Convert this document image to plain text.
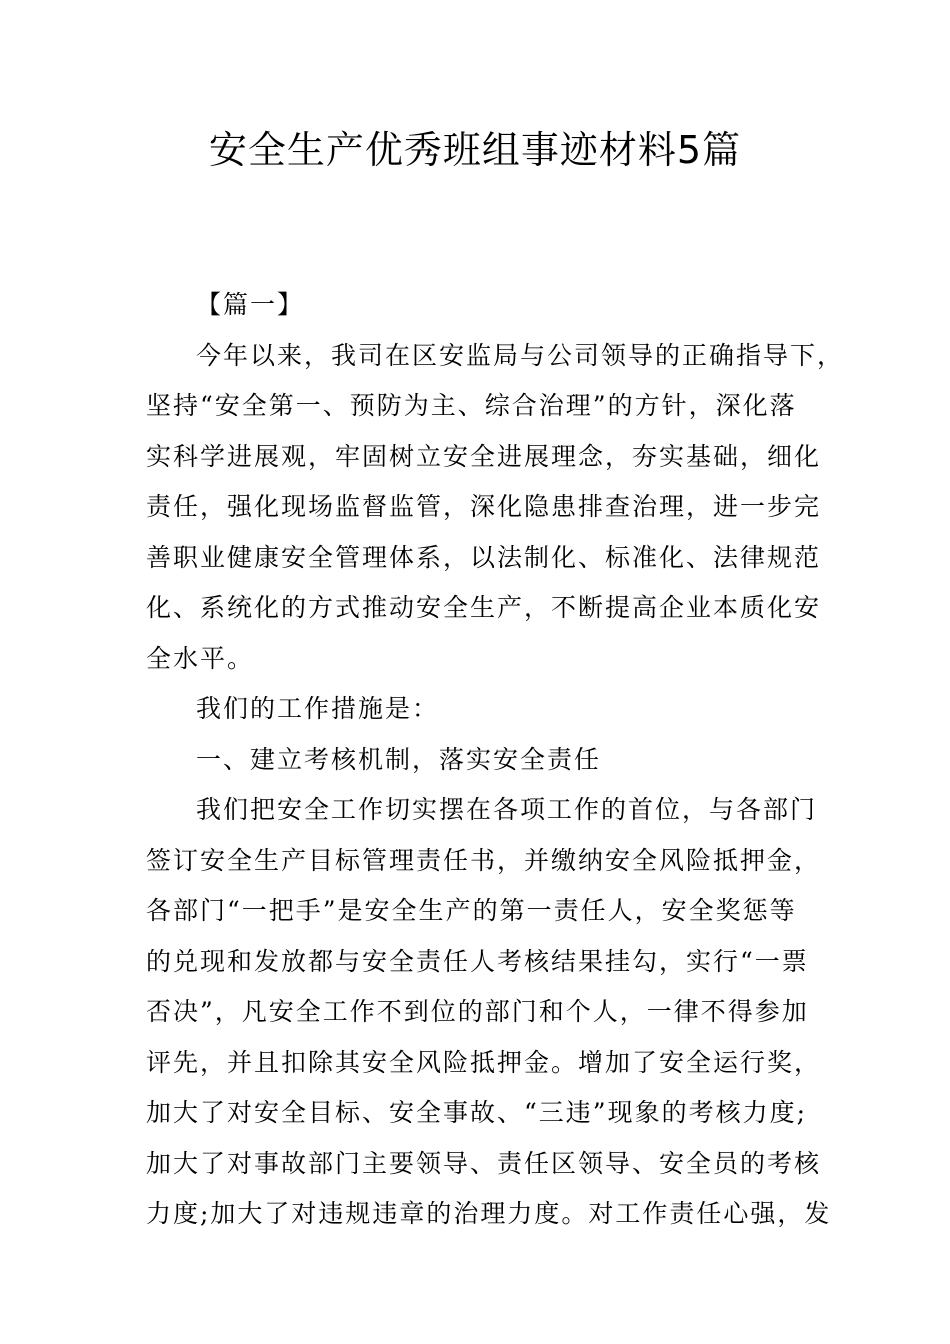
安全生产优秀班组事迹材料5篇

【篇一】

今年以来，我司在区安监局与公司领导的正确指导下，
坚持“安全第一、预防为主、综合治理”的方针，深化落
实科学进展观，牢固树立安全进展理念，夯实基础，细化
责任，强化现场监督监管，深化隐患排查治理，进一步完
善职业健康安全管理体系，以法制化、标准化、法律规范
化、系统化的方式推动安全生产，不断提高企业本质化安
全水平。

我们的工作措施是：

一、建立考核机制，落实安全责任

我们把安全工作切实摆在各项工作的首位，与各部门
签订安全生产目标管理责任书，并缴纳安全风险抵押金，
各部门“一把手”是安全生产的第一责任人，安全奖惩等
的兑现和发放都与安全责任人考核结果挂勾，实行“一票
否决”，凡安全工作不到位的部门和个人，一律不得参加
评先，并且扣除其安全风险抵押金。增加了安全运行奖，
加大了对安全目标、安全事故、“三违”现象的考核力度;
加大了对事故部门主要领导、责任区领导、安全员的考核
力度;加大了对违规违章的治理力度。对工作责任心强，发
